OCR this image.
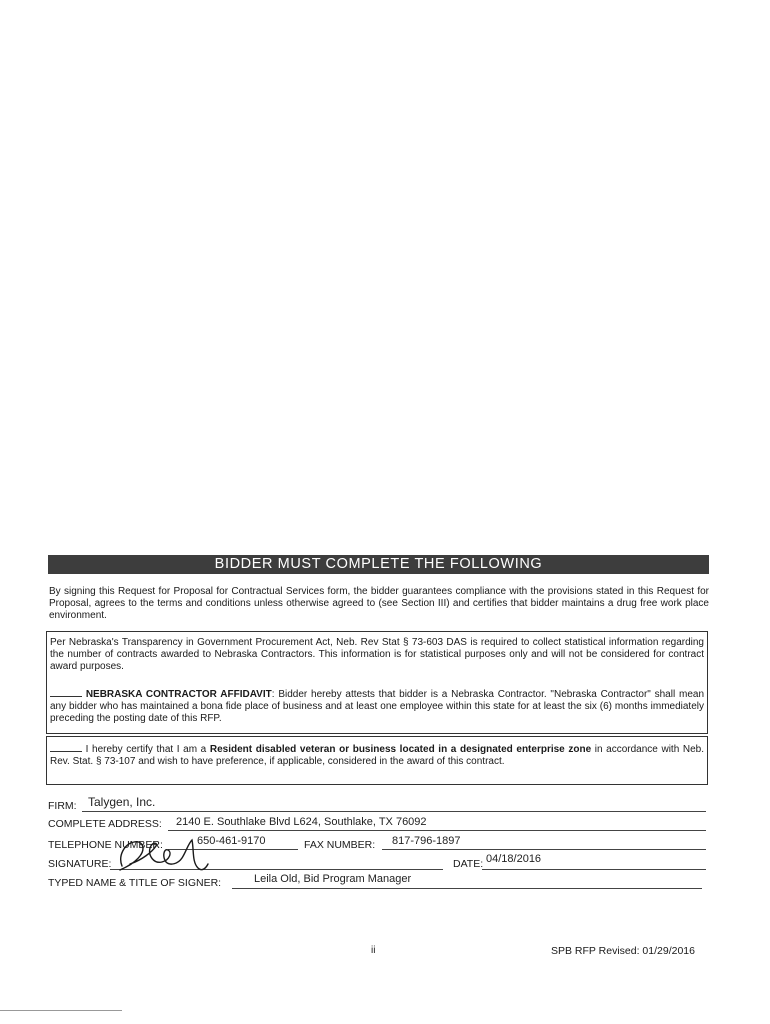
BIDDER MUST COMPLETE THE FOLLOWING
By signing this Request for Proposal for Contractual Services form, the bidder guarantees compliance with the provisions stated in this Request for Proposal, agrees to the terms and conditions unless otherwise agreed to (see Section III) and certifies that bidder maintains a drug free work place environment.

Per Nebraska's Transparency in Government Procurement Act, Neb. Rev Stat § 73-603 DAS is required to collect statistical information regarding the number of contracts awarded to Nebraska Contractors. This information is for statistical purposes only and will not be considered for contract award purposes.

NEBRASKA CONTRACTOR AFFIDAVIT: Bidder hereby attests that bidder is a Nebraska Contractor. "Nebraska Contractor" shall mean any bidder who has maintained a bona fide place of business and at least one employee within this state for at least the six (6) months immediately preceding the posting date of this RFP.

I hereby certify that I am a Resident disabled veteran or business located in a designated enterprise zone in accordance with Neb. Rev. Stat. § 73-107 and wish to have preference, if applicable, considered in the award of this contract.

FIRM: Talygen, Inc.
COMPLETE ADDRESS: 2140 E. Southlake Blvd L624, Southlake, TX 76092
TELEPHONE NUMBER:	650-461-9170	FAX NUMBER: 817-796-1897
SIGNATURE:	DATE: 04/18/2016
TYPED NAME & TITLE OF SIGNER:	Leila Old, Bid Program Manager
ii	SPB RFP Revised: 01/29/2016
